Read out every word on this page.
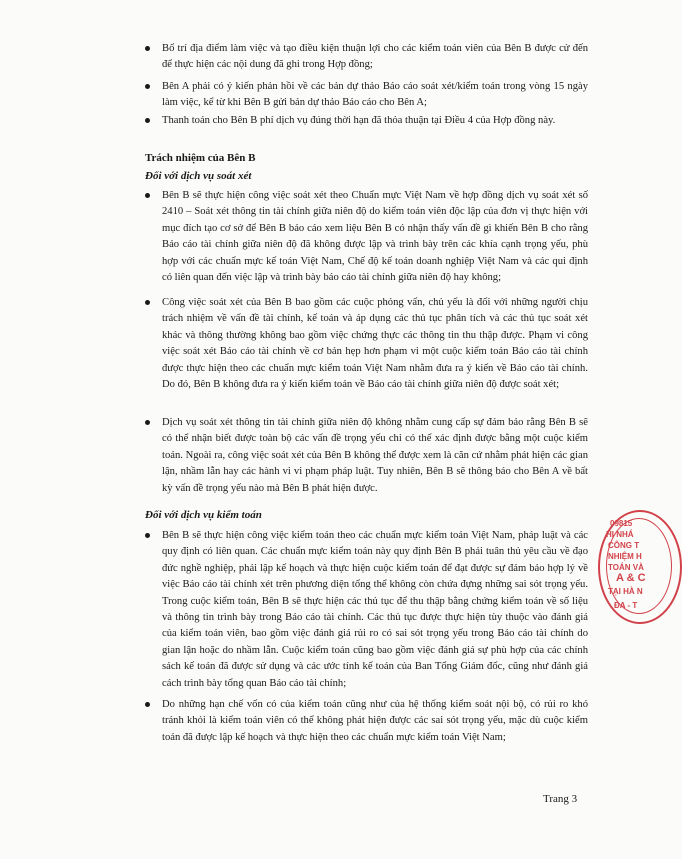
Bố trí địa điểm làm việc và tạo điều kiện thuận lợi cho các kiểm toán viên của Bên B được cử đến để thực hiện các nội dung đã ghi trong Hợp đồng;
Bên A phải có ý kiến phản hồi về các bản dự thảo Báo cáo soát xét/kiểm toán trong vòng 15 ngày làm việc, kể từ khi Bên B gửi bản dự thảo Báo cáo cho Bên A;
Thanh toán cho Bên B phí dịch vụ đúng thời hạn đã thỏa thuận tại Điều 4 của Hợp đồng này.
Trách nhiệm của Bên B
Đối với dịch vụ soát xét
Bên B sẽ thực hiện công việc soát xét theo Chuẩn mực Việt Nam về hợp đồng dịch vụ soát xét số 2410 – Soát xét thông tin tài chính giữa niên độ do kiểm toán viên độc lập của đơn vị thực hiện với mục đích tạo cơ sở để Bên B báo cáo xem liệu Bên B có nhận thấy vấn đề gì khiến Bên B cho rằng Báo cáo tài chính giữa niên độ đã không được lập và trình bày trên các khía cạnh trọng yếu, phù hợp với các chuẩn mực kế toán Việt Nam, Chế độ kế toán doanh nghiệp Việt Nam và các qui định có liên quan đến việc lập và trình bày báo cáo tài chính giữa niên độ hay không;
Công việc soát xét của Bên B bao gồm các cuộc phỏng vấn, chủ yếu là đối với những người chịu trách nhiệm về vấn đề tài chính, kế toán và áp dụng các thủ tục phân tích và các thủ tục soát xét khác và thông thường không bao gồm việc chứng thực các thông tin thu thập được. Phạm vi công việc soát xét Báo cáo tài chính về cơ bản hẹp hơn phạm vi một cuộc kiểm toán Báo cáo tài chính được thực hiện theo các chuẩn mực kiểm toán Việt Nam nhằm đưa ra ý kiến về Báo cáo tài chính. Do đó, Bên B không đưa ra ý kiến kiểm toán về Báo cáo tài chính giữa niên độ được soát xét;
Dịch vụ soát xét thông tin tài chính giữa niên độ không nhằm cung cấp sự đảm bảo rằng Bên B sẽ có thể nhận biết được toàn bộ các vấn đề trọng yếu chỉ có thể xác định được bằng một cuộc kiểm toán. Ngoài ra, công việc soát xét của Bên B không thể được xem là căn cứ nhằm phát hiện các gian lận, nhầm lẫn hay các hành vi vi phạm pháp luật. Tuy nhiên, Bên B sẽ thông báo cho Bên A về bất kỳ vấn đề trọng yếu nào mà Bên B phát hiện được.
Đối với dịch vụ kiểm toán
Bên B sẽ thực hiện công việc kiểm toán theo các chuẩn mực kiểm toán Việt Nam, pháp luật và các quy định có liên quan. Các chuẩn mực kiểm toán này quy định Bên B phải tuân thủ yêu cầu về đạo đức nghề nghiệp, phải lập kế hoạch và thực hiện cuộc kiểm toán để đạt được sự đảm bảo hợp lý về việc Báo cáo tài chính xét trên phương diện tổng thể không còn chứa đựng những sai sót trọng yếu. Trong cuộc kiểm toán, Bên B sẽ thực hiện các thủ tục để thu thập bằng chứng kiểm toán về số liệu và thông tin trình bày trong Báo cáo tài chính. Các thủ tục được thực hiện tùy thuộc vào đánh giá của kiểm toán viên, bao gồm việc đánh giá rủi ro có sai sót trọng yếu trong Báo cáo tài chính do gian lận hoặc do nhầm lẫn. Cuộc kiểm toán cũng bao gồm việc đánh giá sự phù hợp của các chính sách kế toán đã được sử dụng và các ước tính kế toán của Ban Tổng Giám đốc, cũng như đánh giá cách trình bày tổng quan Báo cáo tài chính;
Do những hạn chế vốn có của kiểm toán cũng như của hệ thống kiểm soát nội bộ, có rủi ro khó tránh khỏi là kiểm toán viên có thể không phát hiện được các sai sót trọng yếu, mặc dù cuộc kiểm toán đã được lập kế hoạch và thực hiện theo các chuẩn mực kiểm toán Việt Nam;
Trang 3
09815
HI NHÁ
CÔNG T
NHIỆM H
TOÁN VÀ
A & C
TẠI HÀ N
ĐA - T
